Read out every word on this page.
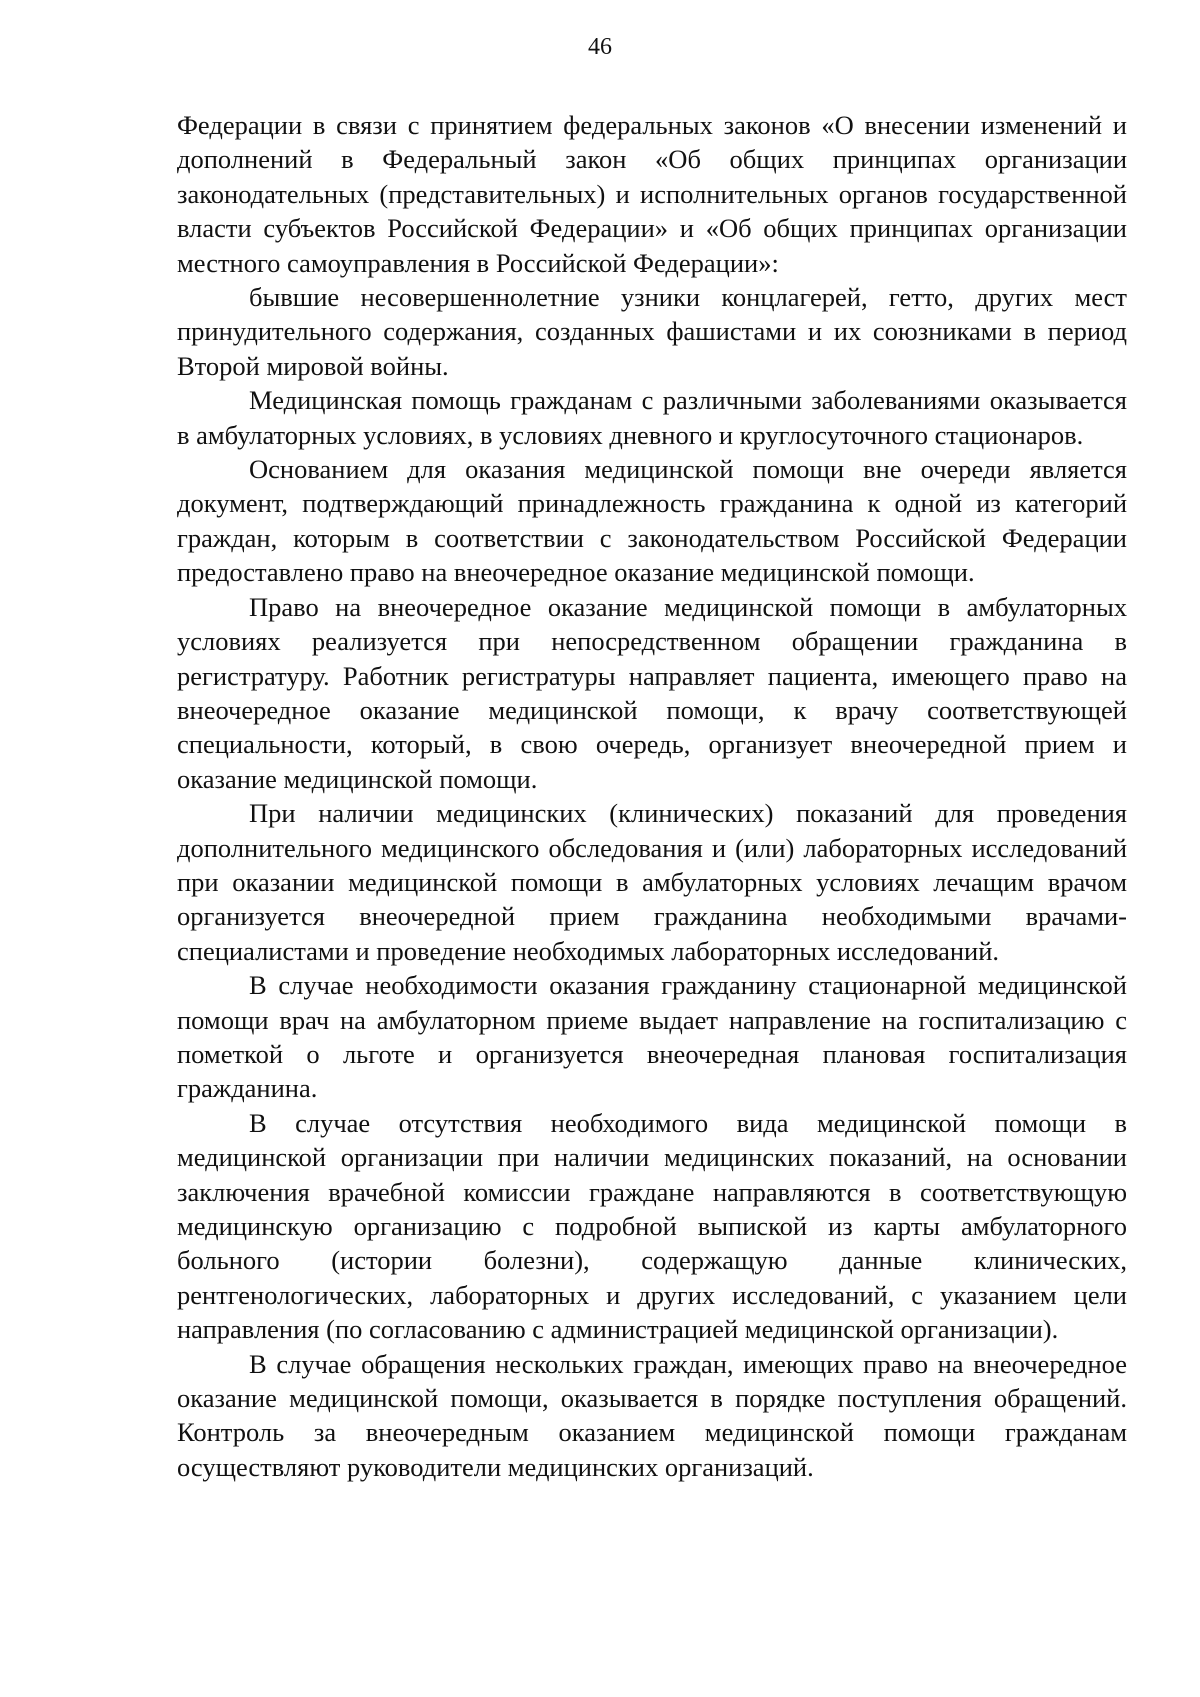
46

Федерации в связи с принятием федеральных законов «О внесении изменений и дополнений в Федеральный закон «Об общих принципах организации законодательных (представительных) и исполнительных органов государственной власти субъектов Российской Федерации» и «Об общих принципах организации местного самоуправления в Российской Федерации»:

бывшие несовершеннолетние узники концлагерей, гетто, других мест принудительного содержания, созданных фашистами и их союзниками в период Второй мировой войны.

Медицинская помощь гражданам с различными заболеваниями оказывается в амбулаторных условиях, в условиях дневного и круглосуточного стационаров.

Основанием для оказания медицинской помощи вне очереди является документ, подтверждающий принадлежность гражданина к одной из категорий граждан, которым в соответствии с законодательством Российской Федерации предоставлено право на внеочередное оказание медицинской помощи.

Право на внеочередное оказание медицинской помощи в амбулаторных условиях реализуется при непосредственном обращении гражданина в регистратуру. Работник регистратуры направляет пациента, имеющего право на внеочередное оказание медицинской помощи, к врачу соответствующей специальности, который, в свою очередь, организует внеочередной прием и оказание медицинской помощи.

При наличии медицинских (клинических) показаний для проведения дополнительного медицинского обследования и (или) лабораторных исследований при оказании медицинской помощи в амбулаторных условиях лечащим врачом организуется внеочередной прием гражданина необходимыми врачами-специалистами и проведение необходимых лабораторных исследований.

В случае необходимости оказания гражданину стационарной медицинской помощи врач на амбулаторном приеме выдает направление на госпитализацию с пометкой о льготе и организуется внеочередная плановая госпитализация гражданина.

В случае отсутствия необходимого вида медицинской помощи в медицинской организации при наличии медицинских показаний, на основании заключения врачебной комиссии граждане направляются в соответствующую медицинскую организацию с подробной выпиской из карты амбулаторного больного (истории болезни), содержащую данные клинических, рентгенологических, лабораторных и других исследований, с указанием цели направления (по согласованию с администрацией медицинской организации).

В случае обращения нескольких граждан, имеющих право на внеочередное оказание медицинской помощи, оказывается в порядке поступления обращений. Контроль за внеочередным оказанием медицинской помощи гражданам осуществляют руководители медицинских организаций.
